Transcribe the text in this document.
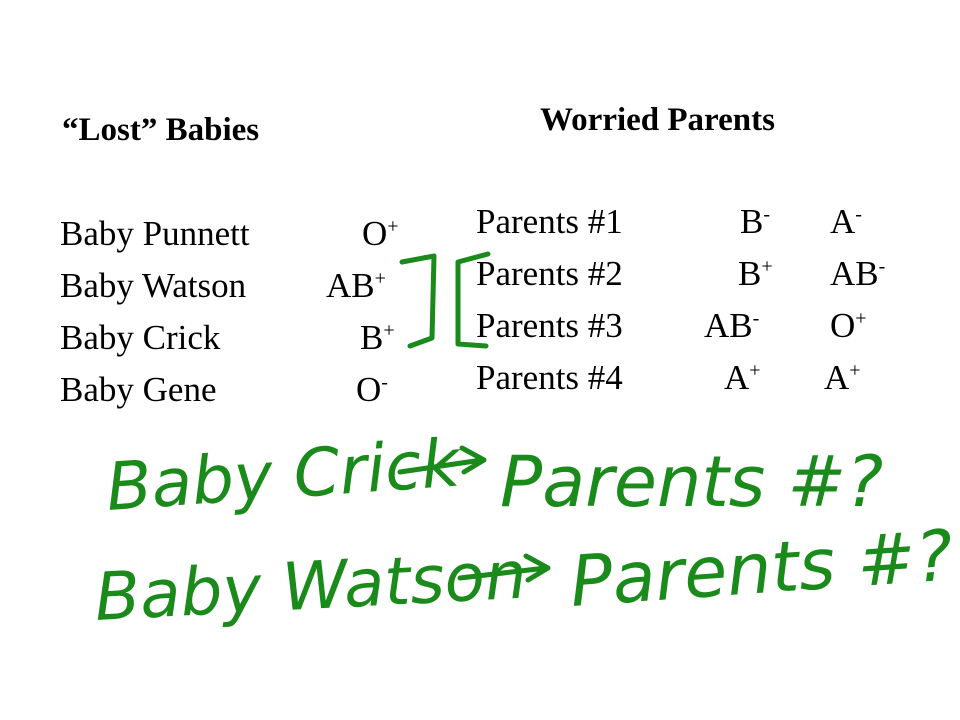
“Lost” Babies	Worried Parents
Baby Punnett	O+
Baby Watson AB+
Baby Crick	B+
Baby Gene	O-
Parents #1	B- A-
Parents #2	B+ AB-
Parents #3 AB- O+
Parents #4	A+ A+
Baby Crick Parents #?
Baby Watson Parents #?
